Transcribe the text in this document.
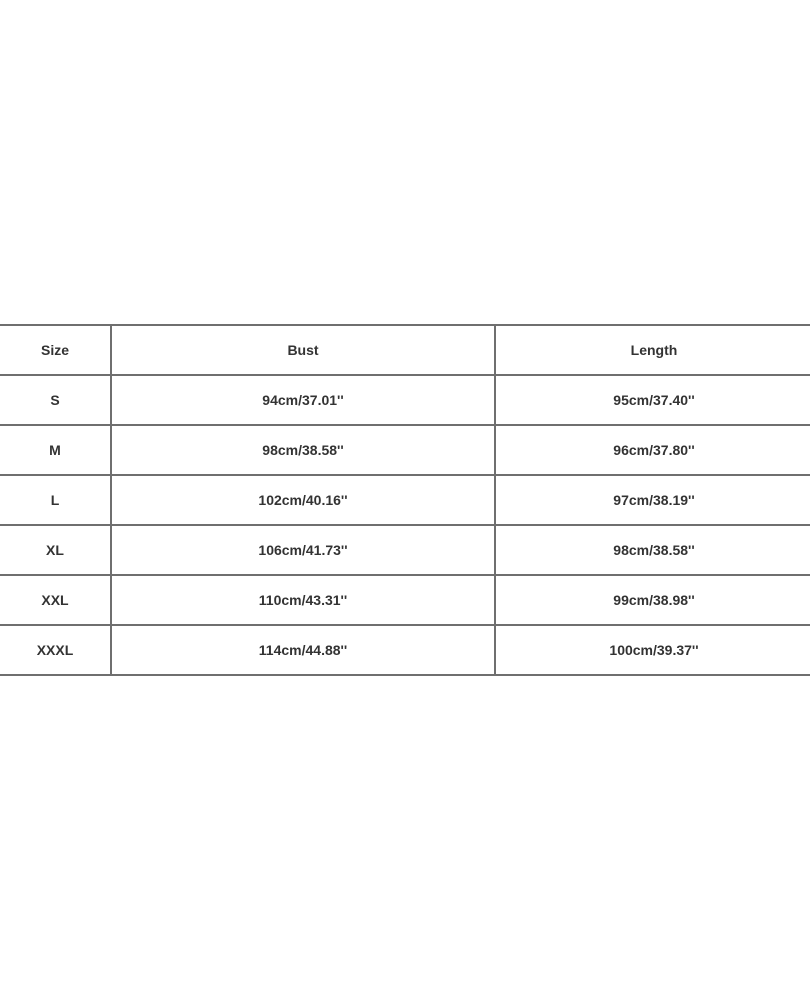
Size	Bust	Length
S	94cm/37.01''	95cm/37.40''
M	98cm/38.58''	96cm/37.80''
L	102cm/40.16''	97cm/38.19''
XL	106cm/41.73''	98cm/38.58''
XXL	110cm/43.31''	99cm/38.98''
XXXL	114cm/44.88''	100cm/39.37''
